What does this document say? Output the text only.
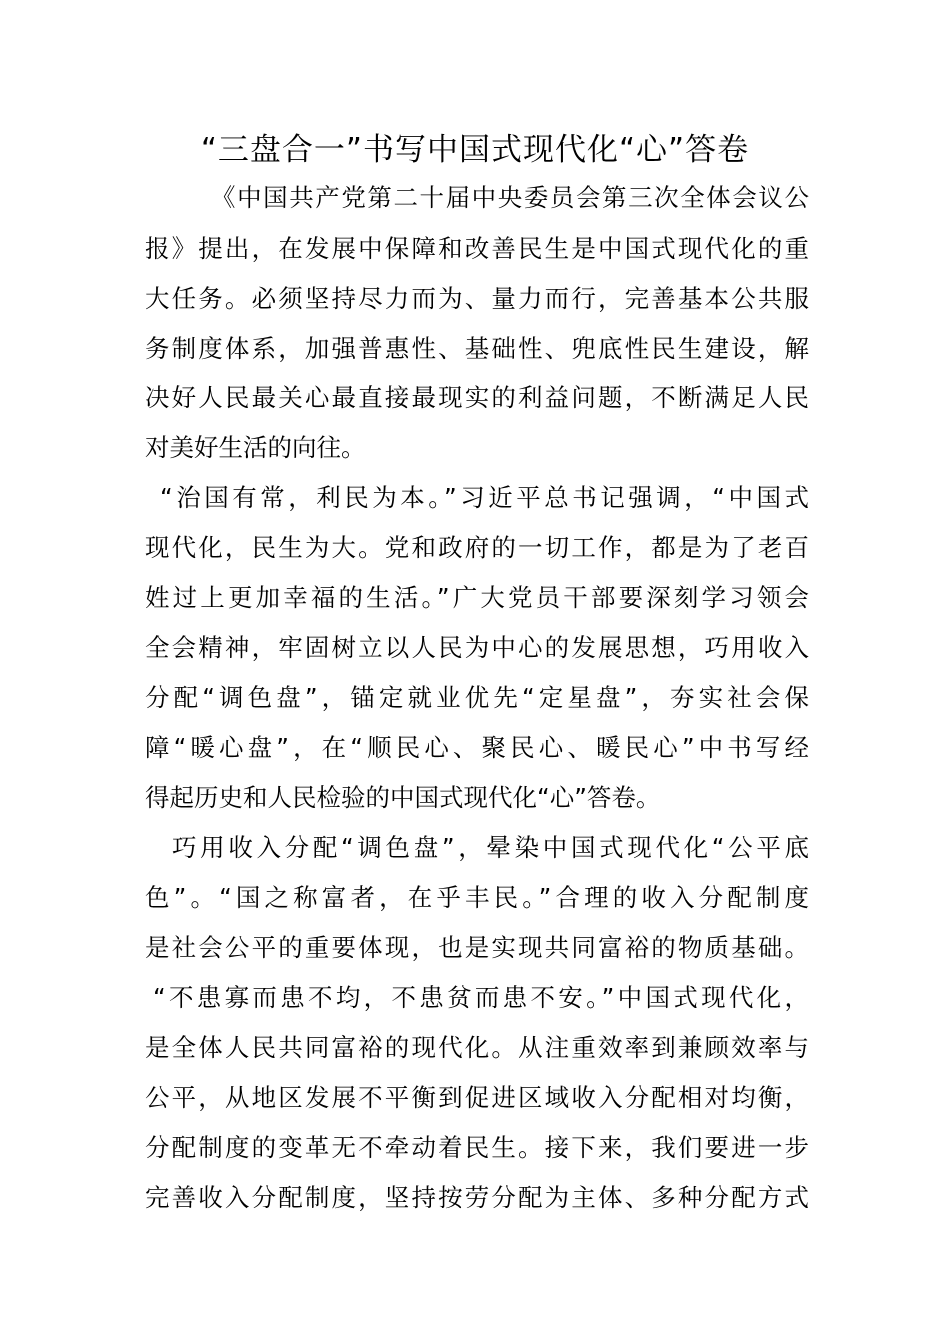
“三盘合一”书写中国式现代化“心”答卷
《中国共产党第二十届中央委员会第三次全体会议公
报》提出，在发展中保障和改善民生是中国式现代化的重
大任务。必须坚持尽力而为、量力而行，完善基本公共服
务制度体系，加强普惠性、基础性、兜底性民生建设，解
决好人民最关心最直接最现实的利益问题，不断满足人民
对美好生活的向往。
“治国有常，利民为本。”习近平总书记强调，“中国式
现代化，民生为大。党和政府的一切工作，都是为了老百
姓过上更加幸福的生活。”广大党员干部要深刻学习领会
全会精神，牢固树立以人民为中心的发展思想，巧用收入
分配“调色盘”，锚定就业优先“定星盘”，夯实社会保
障“暖心盘”，在“顺民心、聚民心、暖民心”中书写经
得起历史和人民检验的中国式现代化“心”答卷。
巧用收入分配“调色盘”，晕染中国式现代化“公平底
色”。“国之称富者，在乎丰民。”合理的收入分配制度
是社会公平的重要体现，也是实现共同富裕的物质基础。
“不患寡而患不均，不患贫而患不安。”中国式现代化，
是全体人民共同富裕的现代化。从注重效率到兼顾效率与
公平，从地区发展不平衡到促进区域收入分配相对均衡，
分配制度的变革无不牵动着民生。接下来，我们要进一步
完善收入分配制度，坚持按劳分配为主体、多种分配方式
